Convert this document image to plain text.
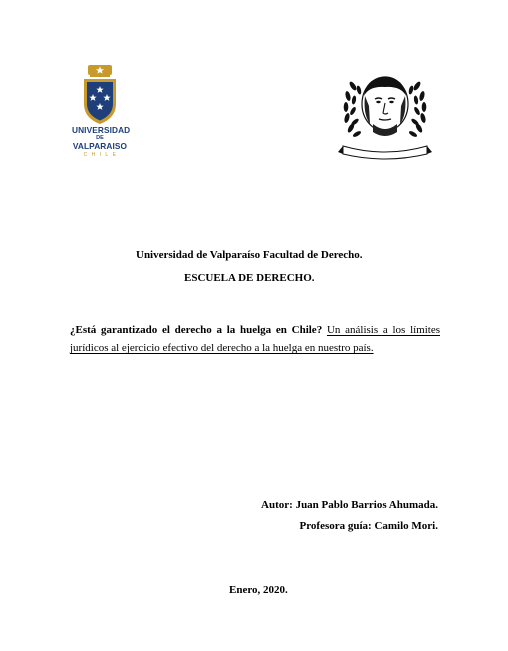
UNIVERSIDAD
DE
VALPARAISO
CHILE
Universidad de Valparaíso Facultad de Derecho.
ESCUELA DE DERECHO.
¿Está garantizado el derecho a la huelga en Chile? Un análisis a los límites jurídicos al ejercicio efectivo del derecho a la huelga en nuestro país.
Autor: Juan Pablo Barrios Ahumada.
Profesora guía: Camilo Mori.
Enero, 2020.
